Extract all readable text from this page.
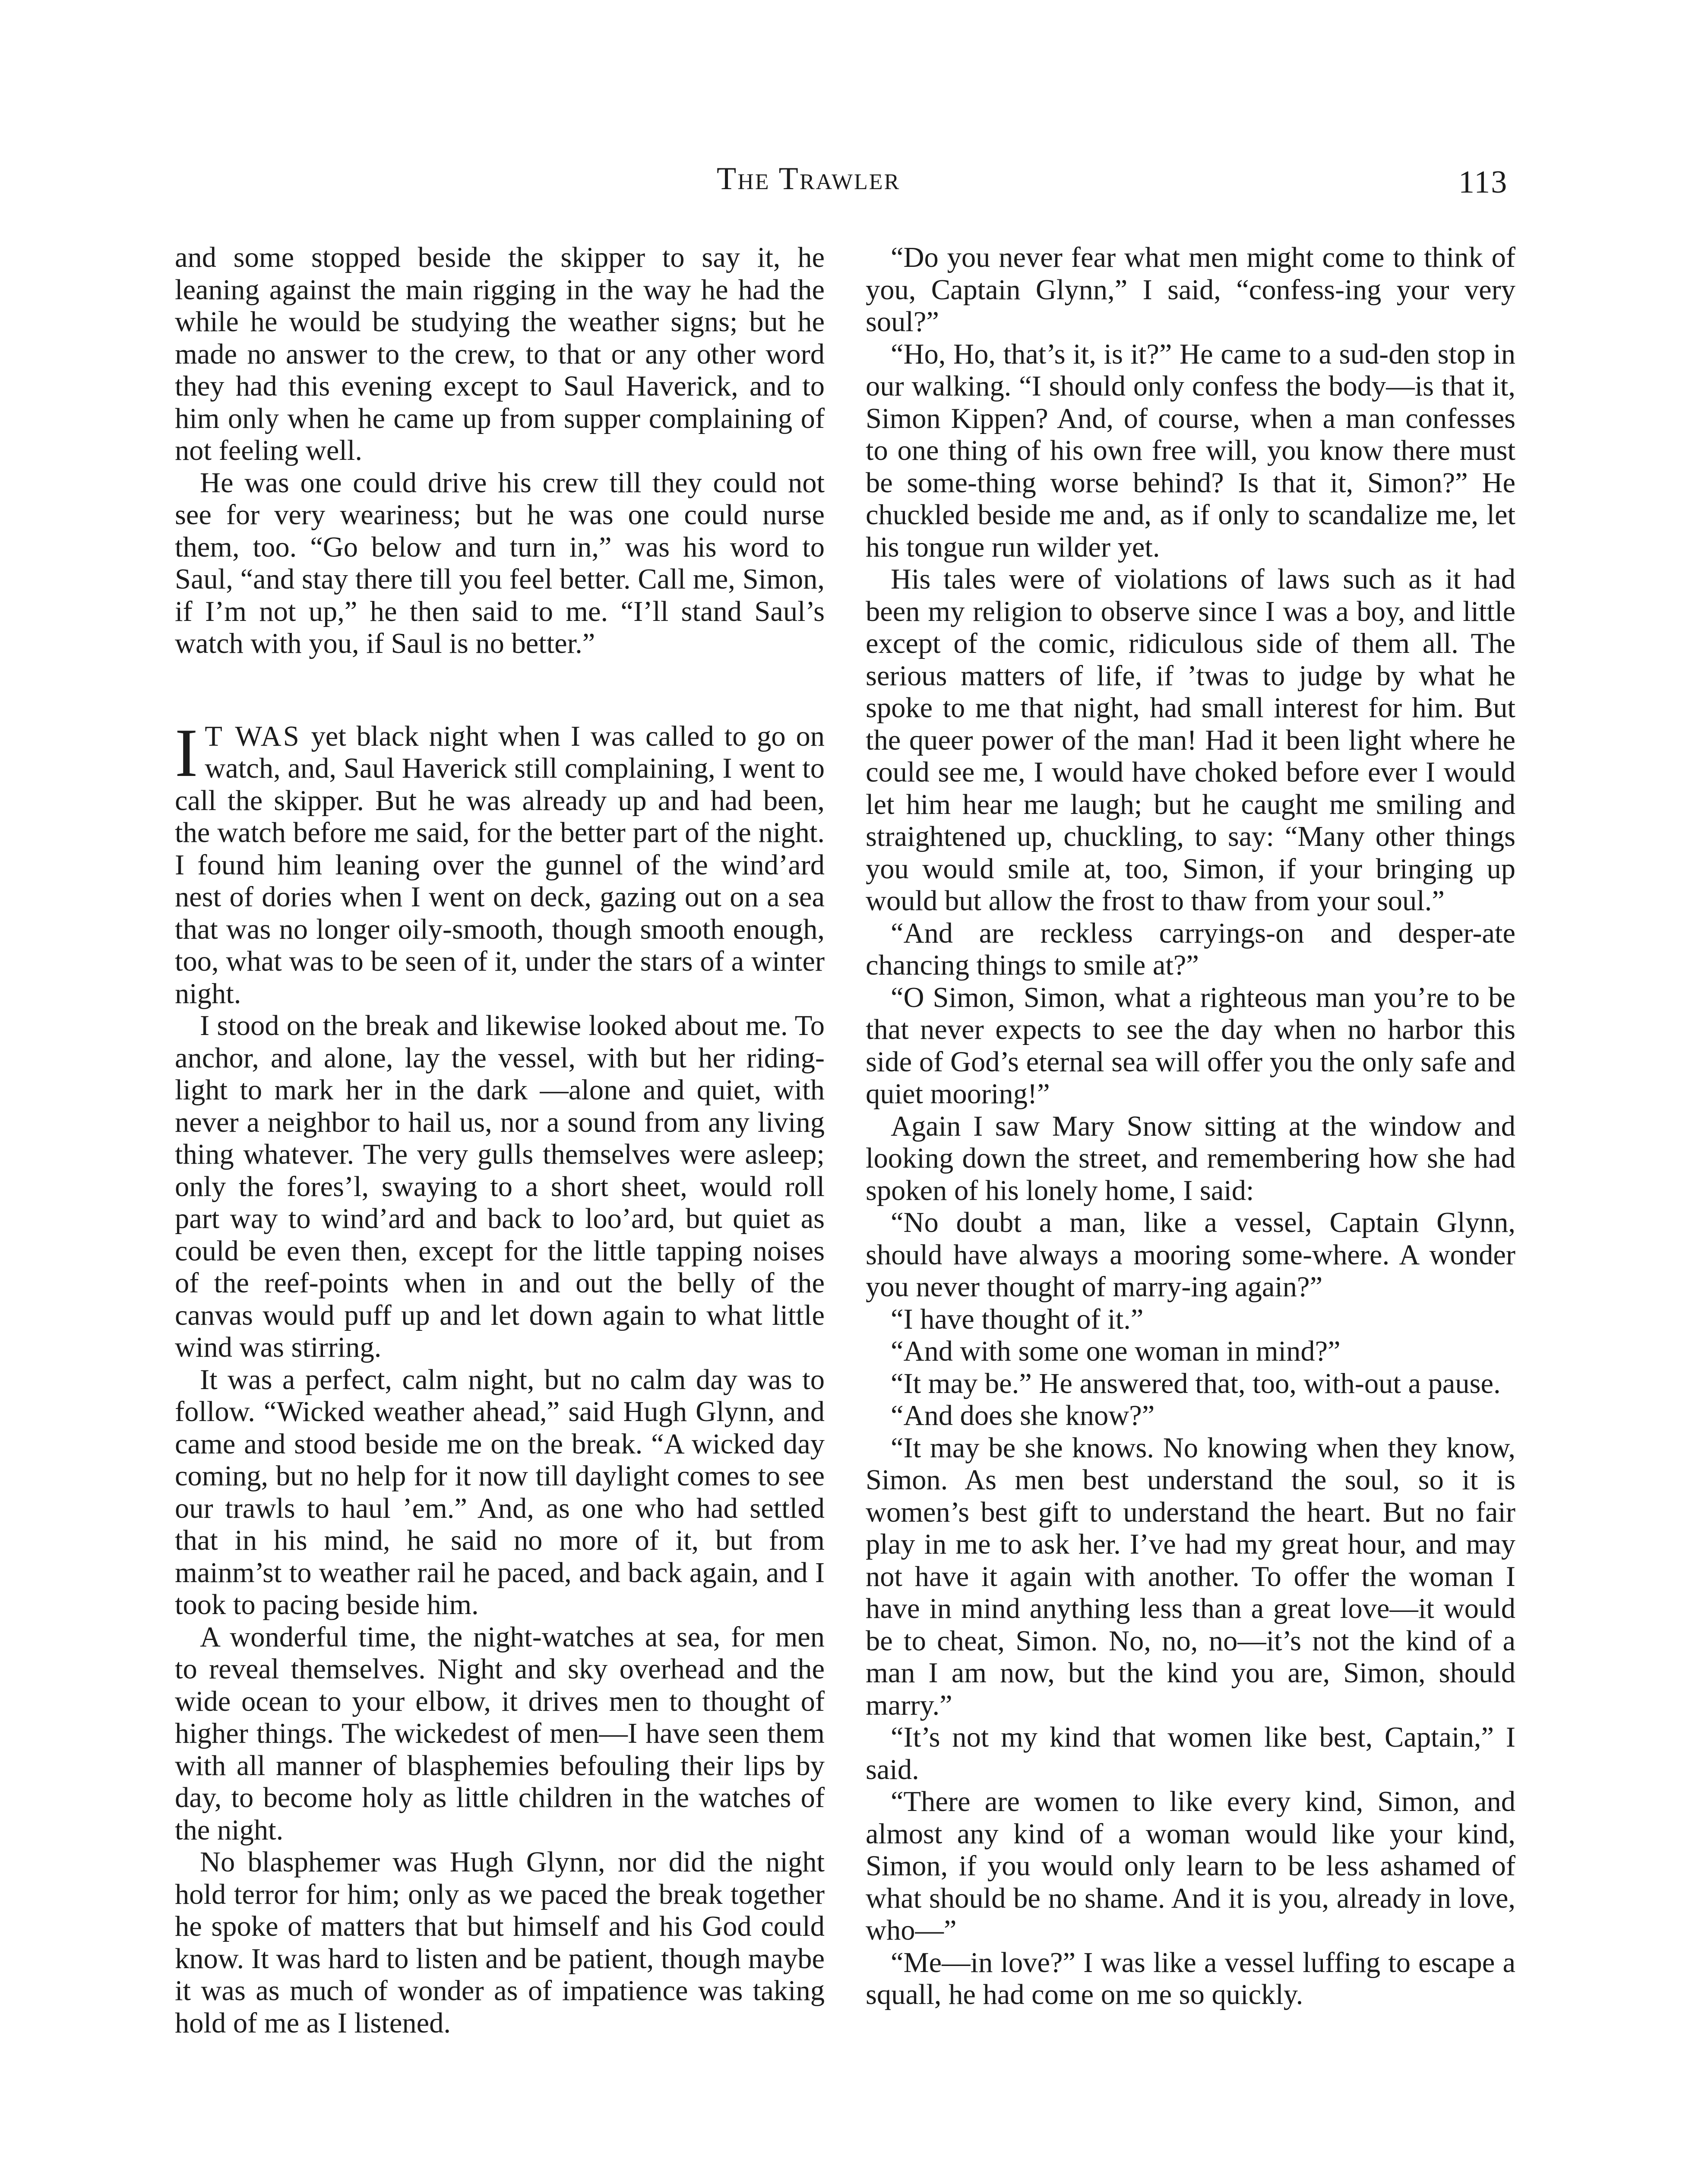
The Trawler	113

and some stopped beside the skipper to say it, he leaning against the main rigging in the way he had the while he would be studying the weather signs; but he made no answer to the crew, to that or any other word they had this evening except to Saul Haverick, and to him only when he came up from supper complaining of not feeling well.

He was one could drive his crew till they could not see for very weariness; but he was one could nurse them, too. “Go below and turn in,” was his word to Saul, “and stay there till you feel better. Call me, Simon, if I’m not up,” he then said to me. “I’ll stand Saul’s watch with you, if Saul is no better.”

I T WAS yet black night when I was called to go on watch, and, Saul Haverick still complaining, I went to call the skipper. But he was already up and had been, the watch before me said, for the better part of the night. I found him leaning over the gunnel of the wind’ard nest of dories when I went on deck, gazing out on a sea that was no longer oily-smooth, though smooth enough, too, what was to be seen of it, under the stars of a winter night.

I stood on the break and likewise looked about me. To anchor, and alone, lay the vessel, with but her riding-light to mark her in the dark —alone and quiet, with never a neighbor to hail us, nor a sound from any living thing whatever. The very gulls themselves were asleep; only the fores’l, swaying to a short sheet, would roll part way to wind’ard and back to loo’ard, but quiet as could be even then, except for the little tapping noises of the reef-points when in and out the belly of the canvas would puff up and let down again to what little wind was stirring.

It was a perfect, calm night, but no calm day was to follow. “Wicked weather ahead,” said Hugh Glynn, and came and stood beside me on the break. “A wicked day coming, but no help for it now till daylight comes to see our trawls to haul ’em.” And, as one who had settled that in his mind, he said no more of it, but from mainm’st to weather rail he paced, and back again, and I took to pacing beside him.

A wonderful time, the night-watches at sea, for men to reveal themselves. Night and sky overhead and the wide ocean to your elbow, it drives men to thought of higher things. The wickedest of men—I have seen them with all manner of blasphemies befouling their lips by day, to become holy as little children in the watches of the night.

No blasphemer was Hugh Glynn, nor did the night hold terror for him; only as we paced the break together he spoke of matters that but himself and his God could know. It was hard to listen and be patient, though maybe it was as much of wonder as of impatience was taking hold of me as I listened.

“Do you never fear what men might come to think of you, Captain Glynn,” I said, “confess-ing your very soul?”

“Ho, Ho, that’s it, is it?” He came to a sud-den stop in our walking. “I should only confess the body—is that it, Simon Kippen? And, of course, when a man confesses to one thing of his own free will, you know there must be some-thing worse behind? Is that it, Simon?” He chuckled beside me and, as if only to scandalize me, let his tongue run wilder yet.

His tales were of violations of laws such as it had been my religion to observe since I was a boy, and little except of the comic, ridiculous side of them all. The serious matters of life, if ’twas to judge by what he spoke to me that night, had small interest for him. But the queer power of the man! Had it been light where he could see me, I would have choked before ever I would let him hear me laugh; but he caught me smiling and straightened up, chuckling, to say: “Many other things you would smile at, too, Simon, if your bringing up would but allow the frost to thaw from your soul.”

“And are reckless carryings-on and desper-ate chancing things to smile at?”

“O Simon, Simon, what a righteous man you’re to be that never expects to see the day when no harbor this side of God’s eternal sea will offer you the only safe and quiet mooring!”

Again I saw Mary Snow sitting at the window and looking down the street, and remembering how she had spoken of his lonely home, I said:

“No doubt a man, like a vessel, Captain Glynn, should have always a mooring some-where. A wonder you never thought of marry-ing again?”

“I have thought of it.”

“And with some one woman in mind?”

“It may be.” He answered that, too, with-out a pause.

“And does she know?”

“It may be she knows. No knowing when they know, Simon. As men best understand the soul, so it is women’s best gift to understand the heart. But no fair play in me to ask her. I’ve had my great hour, and may not have it again with another. To offer the woman I have in mind anything less than a great love—it would be to cheat, Simon. No, no, no—it’s not the kind of a man I am now, but the kind you are, Simon, should marry.”

“It’s not my kind that women like best, Captain,” I said.

“There are women to like every kind, Simon, and almost any kind of a woman would like your kind, Simon, if you would only learn to be less ashamed of what should be no shame. And it is you, already in love, who—”

“Me—in love?” I was like a vessel luffing to escape a squall, he had come on me so quickly.
